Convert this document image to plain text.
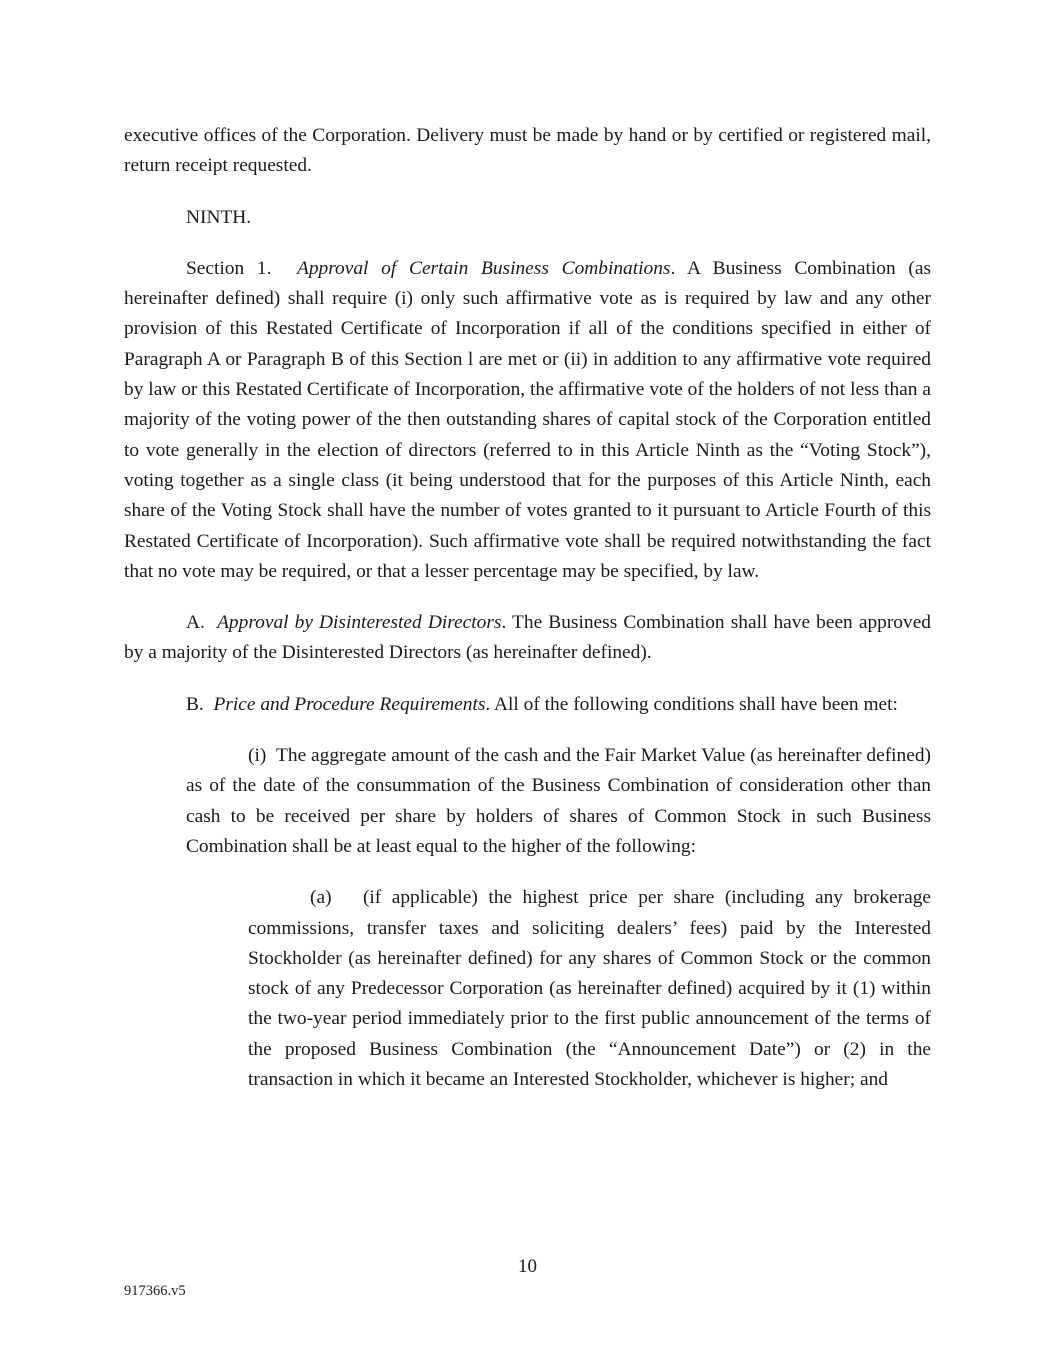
executive offices of the Corporation. Delivery must be made by hand or by certified or registered mail, return receipt requested.

NINTH.

Section 1. Approval of Certain Business Combinations. A Business Combination (as hereinafter defined) shall require (i) only such affirmative vote as is required by law and any other provision of this Restated Certificate of Incorporation if all of the conditions specified in either of Paragraph A or Paragraph B of this Section l are met or (ii) in addition to any affirmative vote required by law or this Restated Certificate of Incorporation, the affirmative vote of the holders of not less than a majority of the voting power of the then outstanding shares of capital stock of the Corporation entitled to vote generally in the election of directors (referred to in this Article Ninth as the “Voting Stock”), voting together as a single class (it being understood that for the purposes of this Article Ninth, each share of the Voting Stock shall have the number of votes granted to it pursuant to Article Fourth of this Restated Certificate of Incorporation). Such affirmative vote shall be required notwithstanding the fact that no vote may be required, or that a lesser percentage may be specified, by law.

A. Approval by Disinterested Directors. The Business Combination shall have been approved by a majority of the Disinterested Directors (as hereinafter defined).

B. Price and Procedure Requirements. All of the following conditions shall have been met:

(i) The aggregate amount of the cash and the Fair Market Value (as hereinafter defined) as of the date of the consummation of the Business Combination of consideration other than cash to be received per share by holders of shares of Common Stock in such Business Combination shall be at least equal to the higher of the following:

(a) (if applicable) the highest price per share (including any brokerage commissions, transfer taxes and soliciting dealers’ fees) paid by the Interested Stockholder (as hereinafter defined) for any shares of Common Stock or the common stock of any Predecessor Corporation (as hereinafter defined) acquired by it (1) within the two-year period immediately prior to the first public announcement of the terms of the proposed Business Combination (the “Announcement Date”) or (2) in the transaction in which it became an Interested Stockholder, whichever is higher; and

10
917366.v5
